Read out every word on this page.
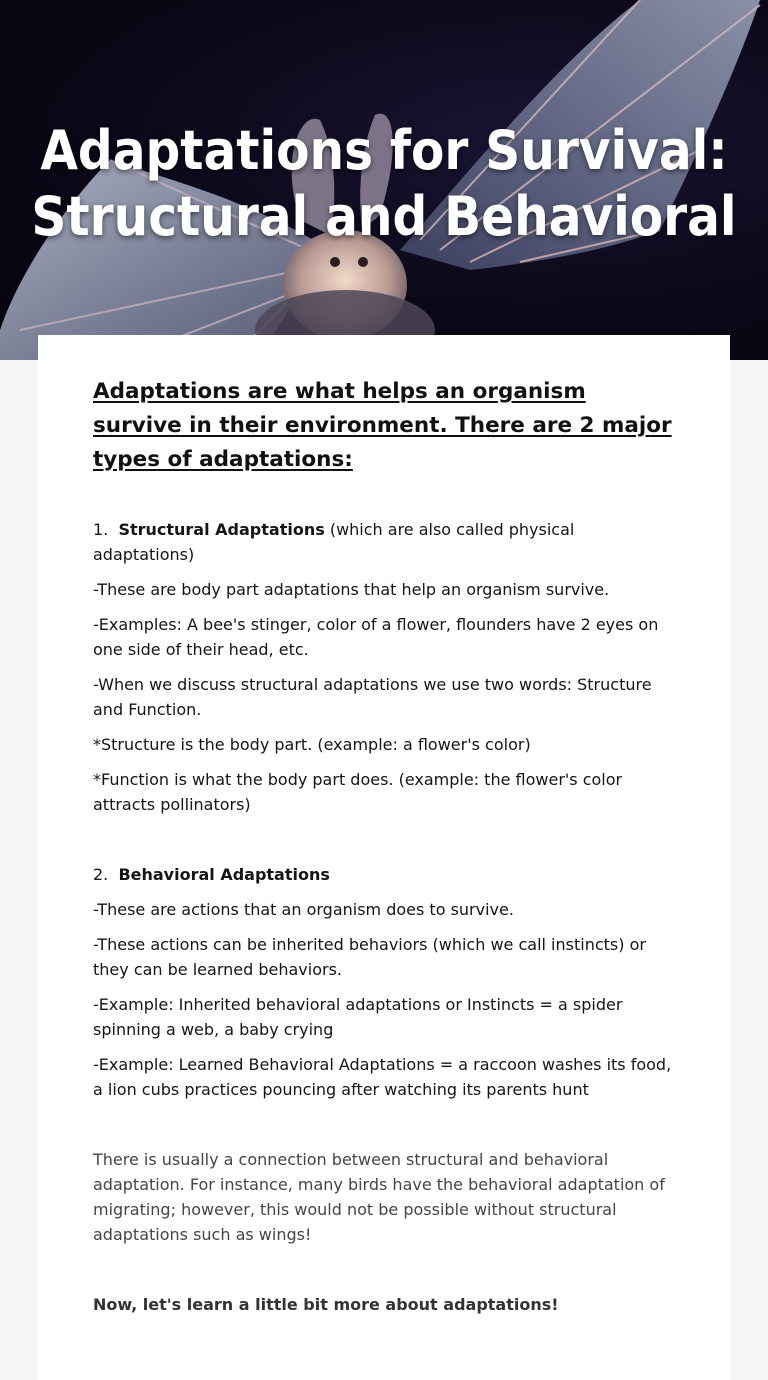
Adaptations for Survival:
Structural and Behavioral

Adaptations are what helps an organism survive in their environment. There are 2 major types of adaptations:

1. Structural Adaptations (which are also called physical adaptations)

-These are body part adaptations that help an organism survive.

-Examples: A bee's stinger, color of a flower, flounders have 2 eyes on one side of their head, etc.

-When we discuss structural adaptations we use two words: Structure and Function.

*Structure is the body part. (example: a flower's color)

*Function is what the body part does. (example: the flower's color attracts pollinators)

2. Behavioral Adaptations

-These are actions that an organism does to survive.

-These actions can be inherited behaviors (which we call instincts) or they can be learned behaviors.

-Example: Inherited behavioral adaptations or Instincts = a spider spinning a web, a baby crying

-Example: Learned Behavioral Adaptations = a raccoon washes its food, a lion cubs practices pouncing after watching its parents hunt

There is usually a connection between structural and behavioral adaptation. For instance, many birds have the behavioral adaptation of migrating; however, this would not be possible without structural adaptations such as wings!

Now, let's learn a little bit more about adaptations!
